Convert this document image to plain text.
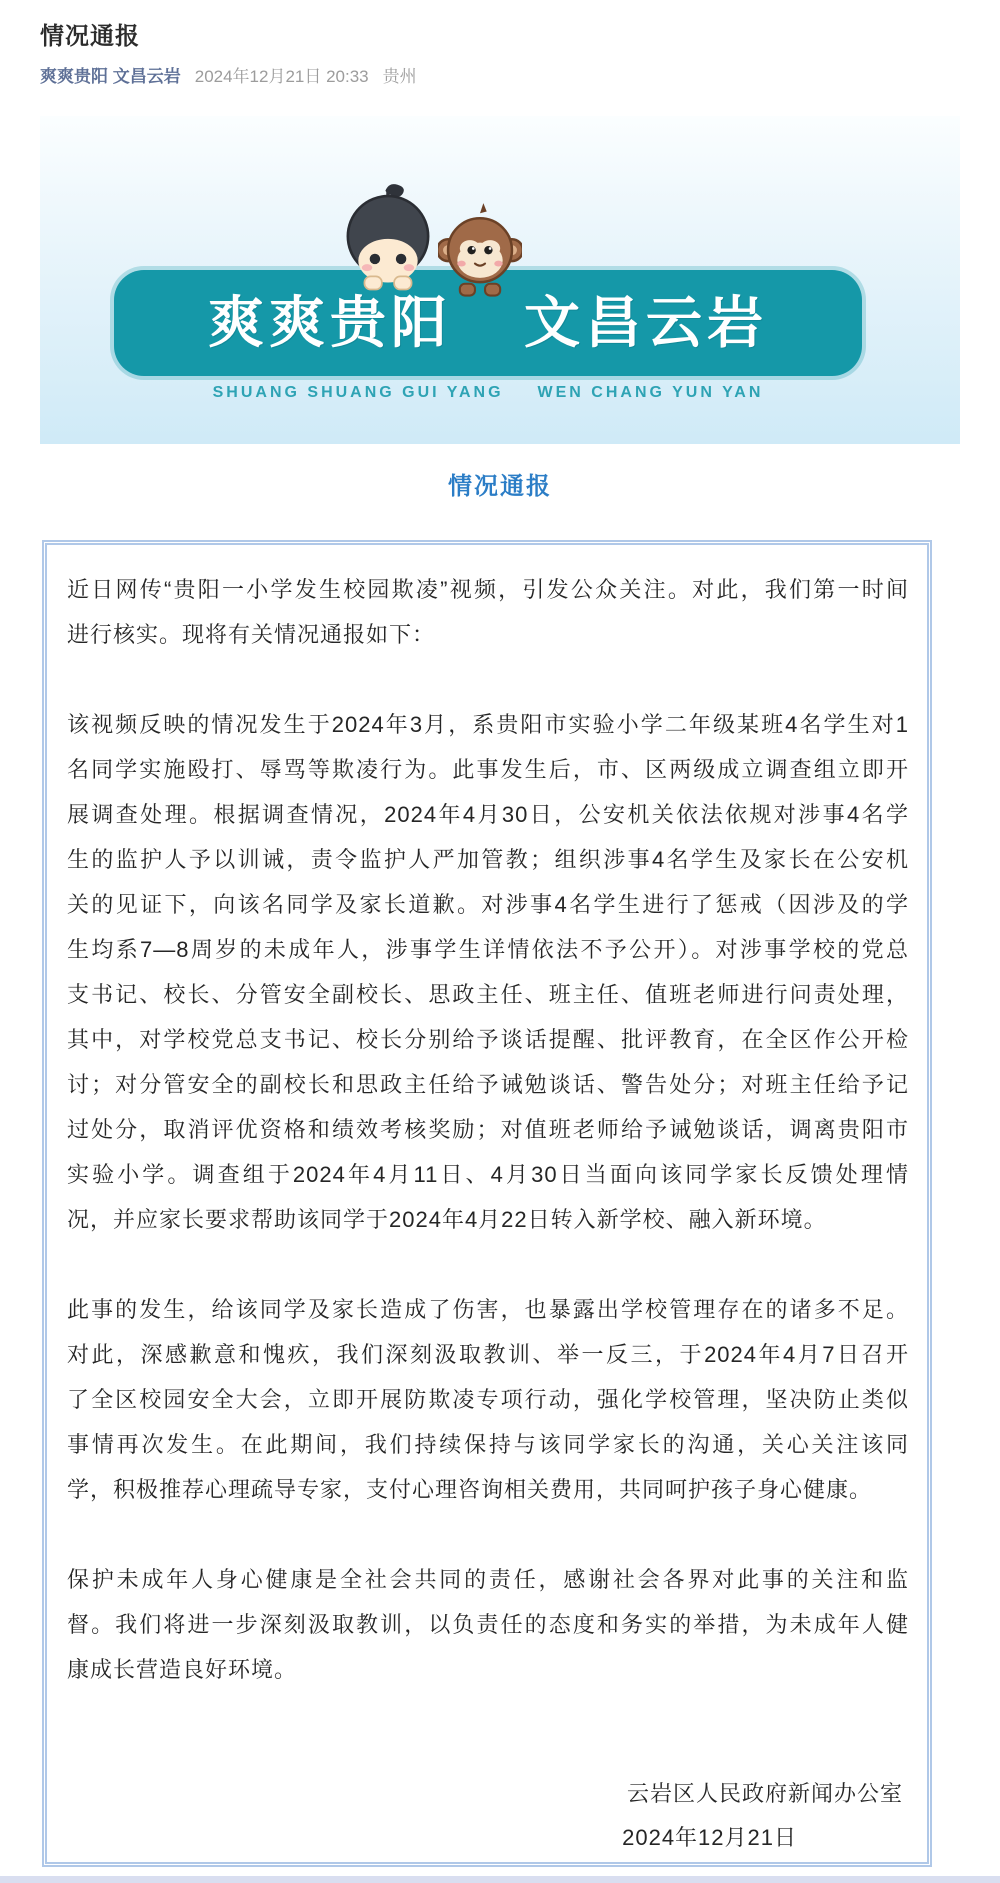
情况通报
爽爽贵阳 文昌云岩 2024年12月21日 20:33 贵州
爽爽贵阳 文昌云岩
SHUANG SHUANG GUI YANG WEN CHANG YUN YAN
情况通报
近日网传“贵阳一小学发生校园欺凌”视频，引发公众关注。对此，我们第一时间
进行核实。现将有关情况通报如下：
该视频反映的情况发生于2024年3月，系贵阳市实验小学二年级某班4名学生对1
名同学实施殴打、辱骂等欺凌行为。此事发生后，市、区两级成立调查组立即开
展调查处理。根据调查情况，2024年4月30日，公安机关依法依规对涉事4名学
生的监护人予以训诫，责令监护人严加管教；组织涉事4名学生及家长在公安机
关的见证下，向该名同学及家长道歉。对涉事4名学生进行了惩戒（因涉及的学
生均系7—8周岁的未成年人，涉事学生详情依法不予公开）。对涉事学校的党总
支书记、校长、分管安全副校长、思政主任、班主任、值班老师进行问责处理，
其中，对学校党总支书记、校长分别给予谈话提醒、批评教育，在全区作公开检
讨；对分管安全的副校长和思政主任给予诫勉谈话、警告处分；对班主任给予记
过处分，取消评优资格和绩效考核奖励；对值班老师给予诫勉谈话，调离贵阳市
实验小学。调查组于2024年4月11日、4月30日当面向该同学家长反馈处理情
况，并应家长要求帮助该同学于2024年4月22日转入新学校、融入新环境。
此事的发生，给该同学及家长造成了伤害，也暴露出学校管理存在的诸多不足。
对此，深感歉意和愧疚，我们深刻汲取教训、举一反三，于2024年4月7日召开
了全区校园安全大会，立即开展防欺凌专项行动，强化学校管理，坚决防止类似
事情再次发生。在此期间，我们持续保持与该同学家长的沟通，关心关注该同
学，积极推荐心理疏导专家，支付心理咨询相关费用，共同呵护孩子身心健康。
保护未成年人身心健康是全社会共同的责任，感谢社会各界对此事的关注和监
督。我们将进一步深刻汲取教训，以负责任的态度和务实的举措，为未成年人健
康成长营造良好环境。
云岩区人民政府新闻办公室
2024年12月21日
